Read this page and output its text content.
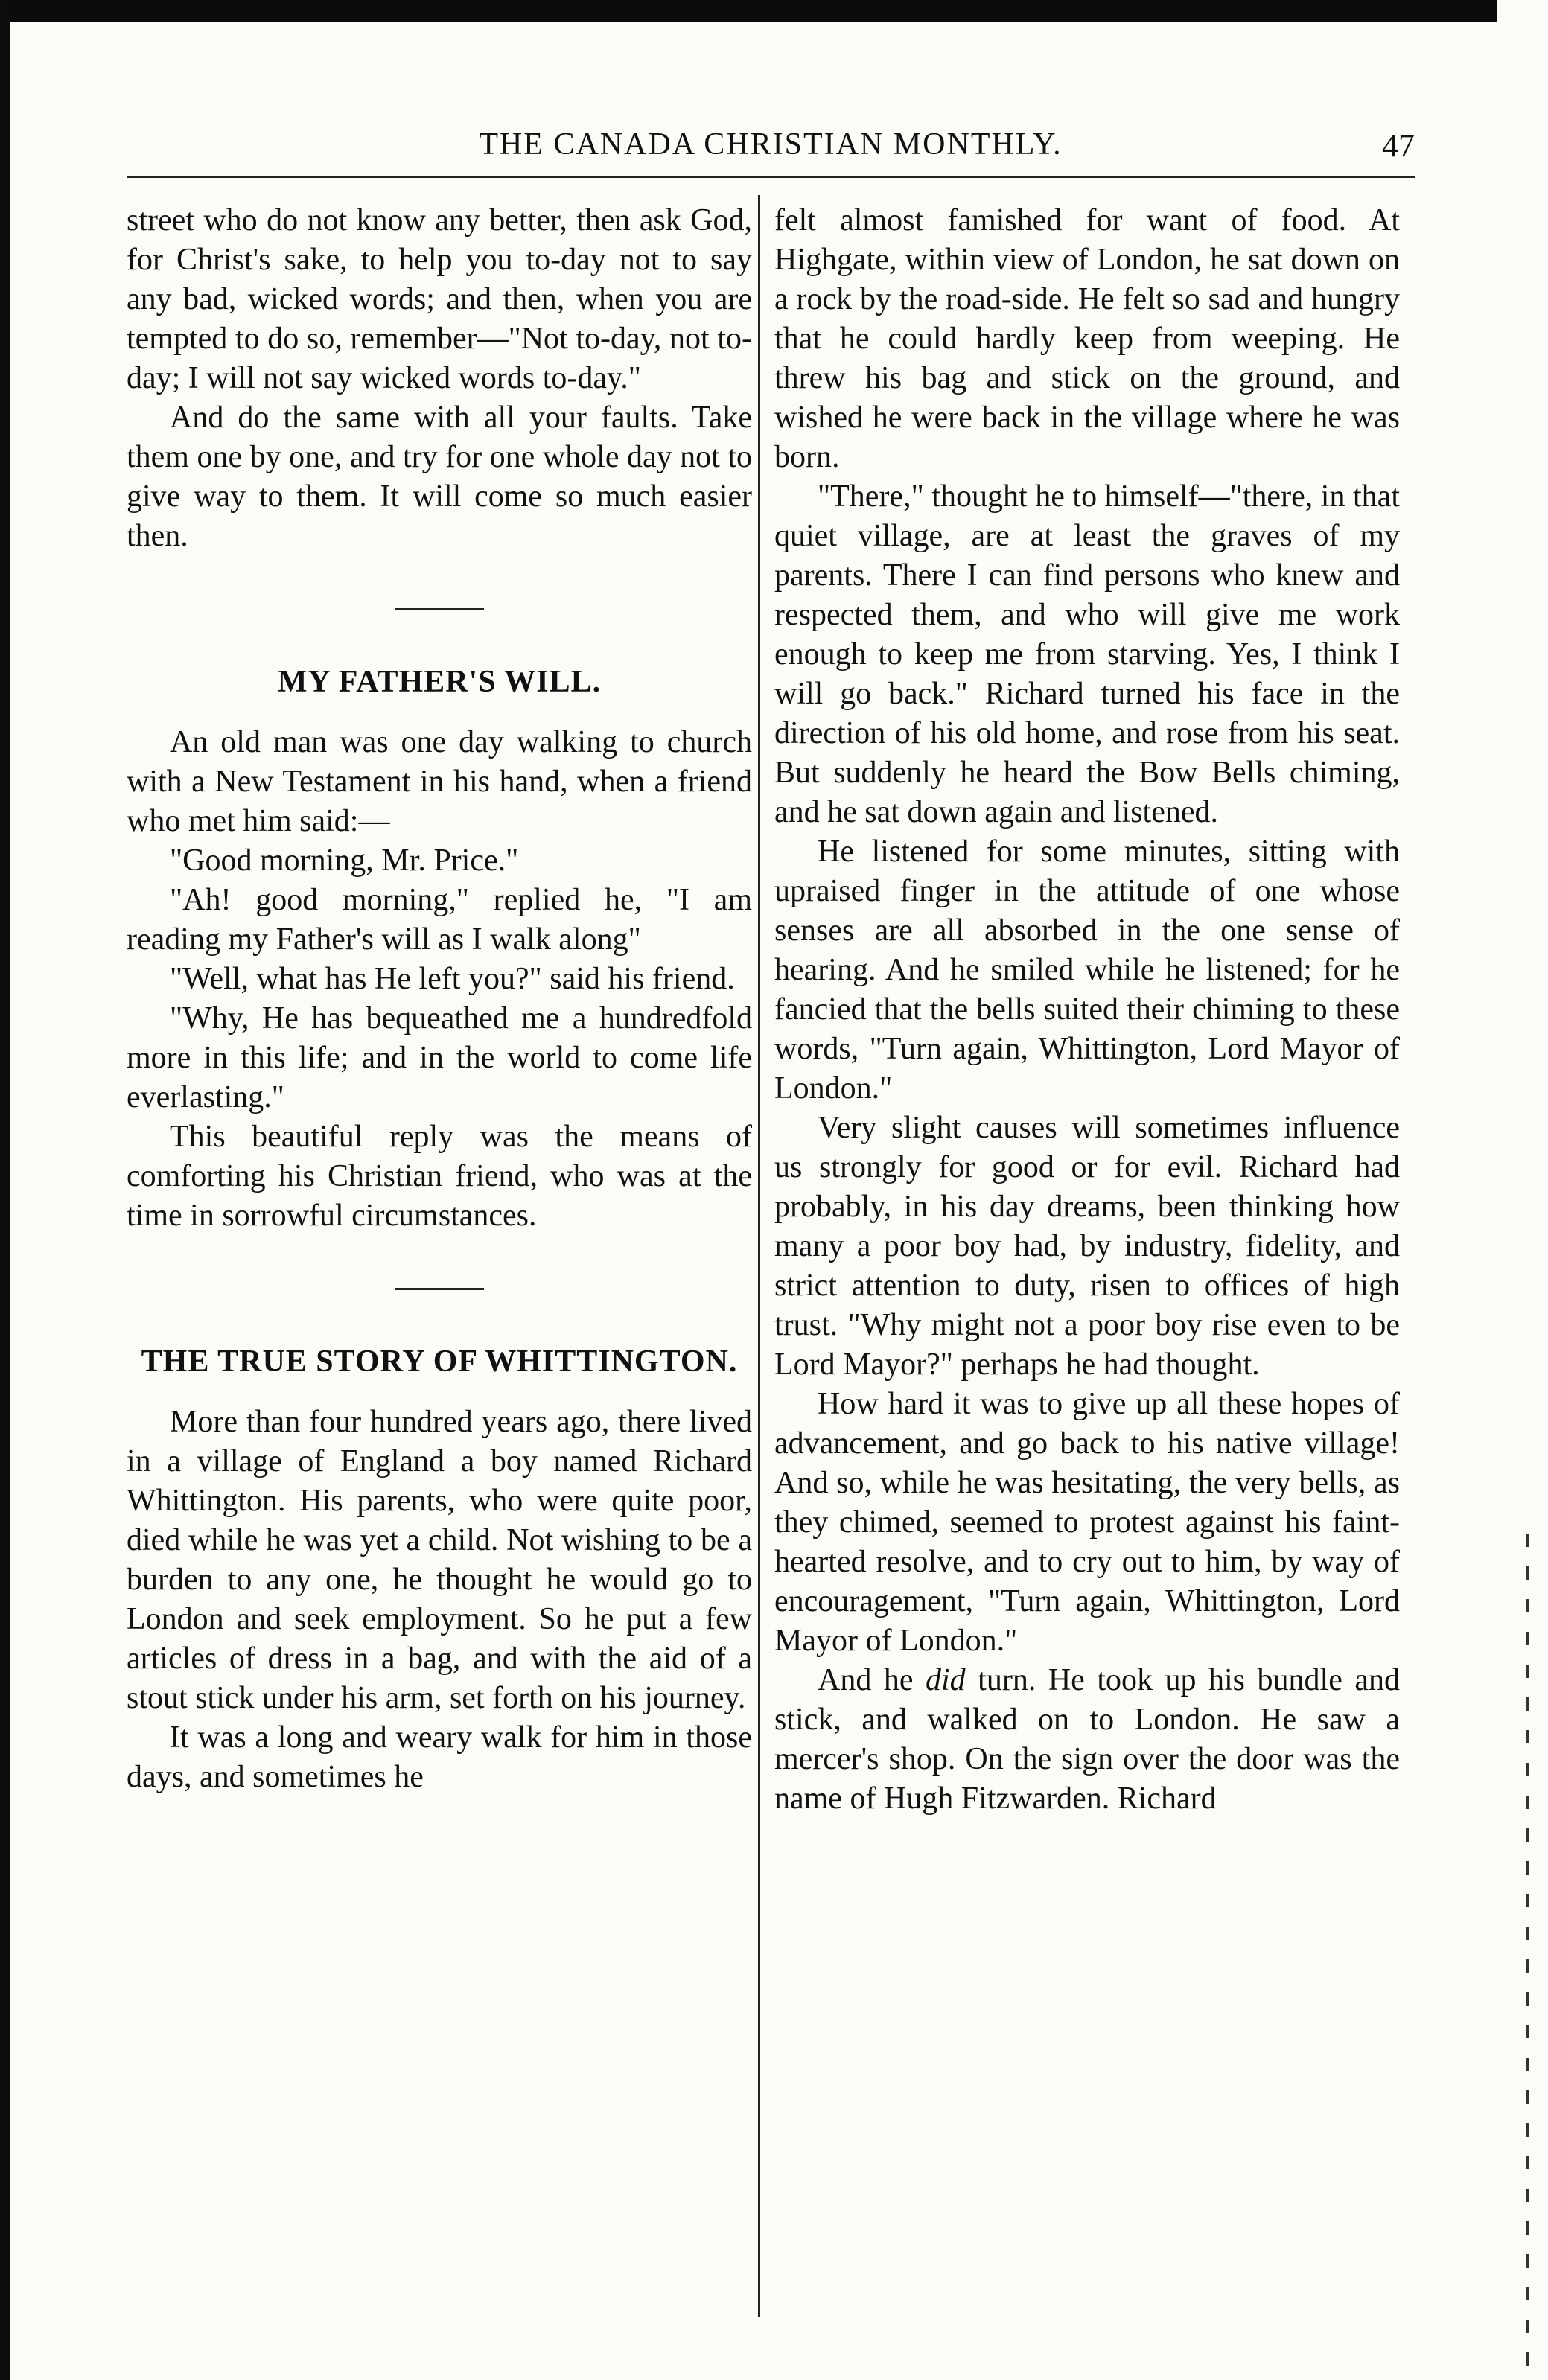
THE CANADA CHRISTIAN MONTHLY.	47

street who do not know any better, then ask God, for Christ's sake, to help you to-day not to say any bad, wicked words; and then, when you are tempted to do so, remember—"Not to-day, not to-day; I will not say wicked words to-day."

And do the same with all your faults. Take them one by one, and try for one whole day not to give way to them. It will come so much easier then.

MY FATHER'S WILL.

An old man was one day walking to church with a New Testament in his hand, when a friend who met him said:—

"Good morning, Mr. Price."

"Ah! good morning," replied he, "I am reading my Father's will as I walk along"

"Well, what has He left you?" said his friend.

"Why, He has bequeathed me a hundredfold more in this life; and in the world to come life everlasting."

This beautiful reply was the means of comforting his Christian friend, who was at the time in sorrowful circumstances.

THE TRUE STORY OF WHITTINGTON.

More than four hundred years ago, there lived in a village of England a boy named Richard Whittington. His parents, who were quite poor, died while he was yet a child. Not wishing to be a burden to any one, he thought he would go to London and seek employment. So he put a few articles of dress in a bag, and with the aid of a stout stick under his arm, set forth on his journey.

It was a long and weary walk for him in those days, and sometimes he

felt almost famished for want of food. At Highgate, within view of London, he sat down on a rock by the road-side. He felt so sad and hungry that he could hardly keep from weeping. He threw his bag and stick on the ground, and wished he were back in the village where he was born.

"There," thought he to himself—"there, in that quiet village, are at least the graves of my parents. There I can find persons who knew and respected them, and who will give me work enough to keep me from starving. Yes, I think I will go back." Richard turned his face in the direction of his old home, and rose from his seat. But suddenly he heard the Bow Bells chiming, and he sat down again and listened.

He listened for some minutes, sitting with upraised finger in the attitude of one whose senses are all absorbed in the one sense of hearing. And he smiled while he listened; for he fancied that the bells suited their chiming to these words, "Turn again, Whittington, Lord Mayor of London."

Very slight causes will sometimes influence us strongly for good or for evil. Richard had probably, in his day dreams, been thinking how many a poor boy had, by industry, fidelity, and strict attention to duty, risen to offices of high trust. "Why might not a poor boy rise even to be Lord Mayor?" perhaps he had thought.

How hard it was to give up all these hopes of advancement, and go back to his native village! And so, while he was hesitating, the very bells, as they chimed, seemed to protest against his faint-hearted resolve, and to cry out to him, by way of encouragement, "Turn again, Whittington, Lord Mayor of London."

And he did turn. He took up his bundle and stick, and walked on to London. He saw a mercer's shop. On the sign over the door was the name of Hugh Fitzwarden. Richard
